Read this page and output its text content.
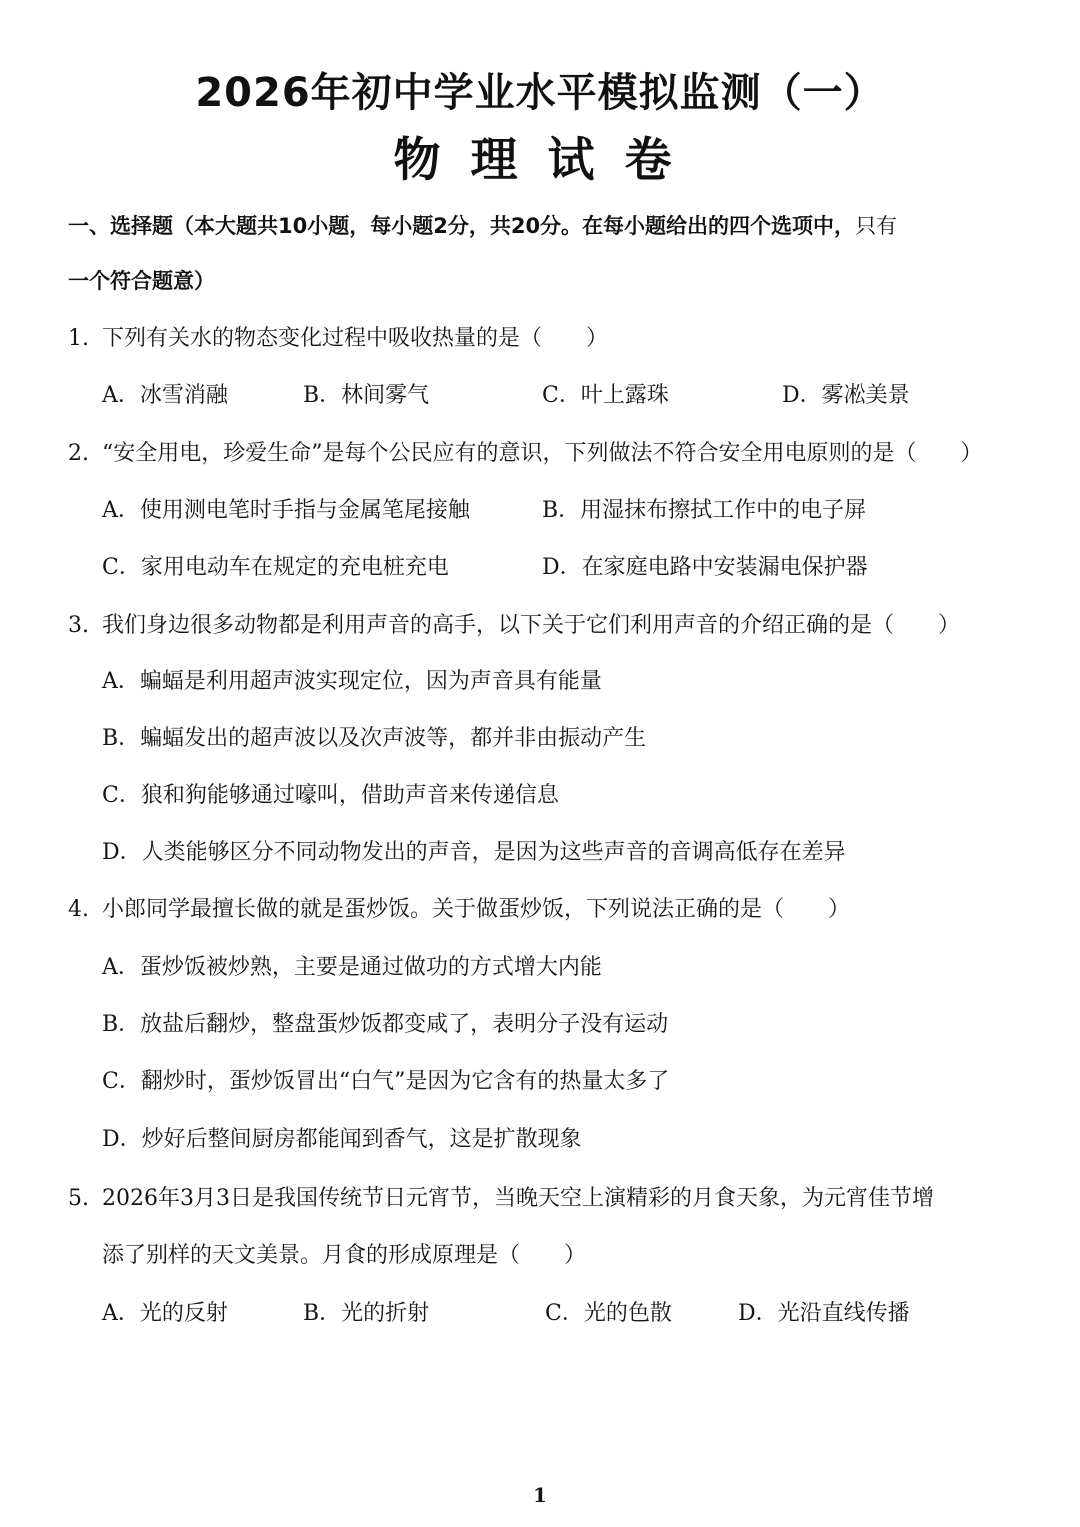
2026年初中学业水平模拟监测（一）
物理试卷
一、选择题（本大题共10小题，每小题2分，共20分。在每小题给出的四个选项中，只有
一个符合题意）
1. 下列有关水的物态变化过程中吸收热量的是（　　）
A．冰雪消融	B．林间雾气	C．叶上露珠	D．雾凇美景
2. “安全用电，珍爱生命”是每个公民应有的意识，下列做法不符合安全用电原则的是（　　）
A．使用测电笔时手指与金属笔尾接触	B．用湿抹布擦拭工作中的电子屏
C．家用电动车在规定的充电桩充电	D．在家庭电路中安装漏电保护器
3. 我们身边很多动物都是利用声音的高手，以下关于它们利用声音的介绍正确的是（　　）
A．蝙蝠是利用超声波实现定位，因为声音具有能量
B．蝙蝠发出的超声波以及次声波等，都并非由振动产生
C．狼和狗能够通过嚎叫，借助声音来传递信息
D．人类能够区分不同动物发出的声音，是因为这些声音的音调高低存在差异
4. 小郎同学最擅长做的就是蛋炒饭。关于做蛋炒饭，下列说法正确的是（　　）
A．蛋炒饭被炒熟，主要是通过做功的方式增大内能
B．放盐后翻炒，整盘蛋炒饭都变咸了，表明分子没有运动
C．翻炒时，蛋炒饭冒出“白气”是因为它含有的热量太多了
D．炒好后整间厨房都能闻到香气，这是扩散现象
5. 2026年3月3日是我国传统节日元宵节，当晚天空上演精彩的月食天象，为元宵佳节增
添了别样的天文美景。月食的形成原理是（　　）
A．光的反射	B．光的折射	C．光的色散	D．光沿直线传播
1
